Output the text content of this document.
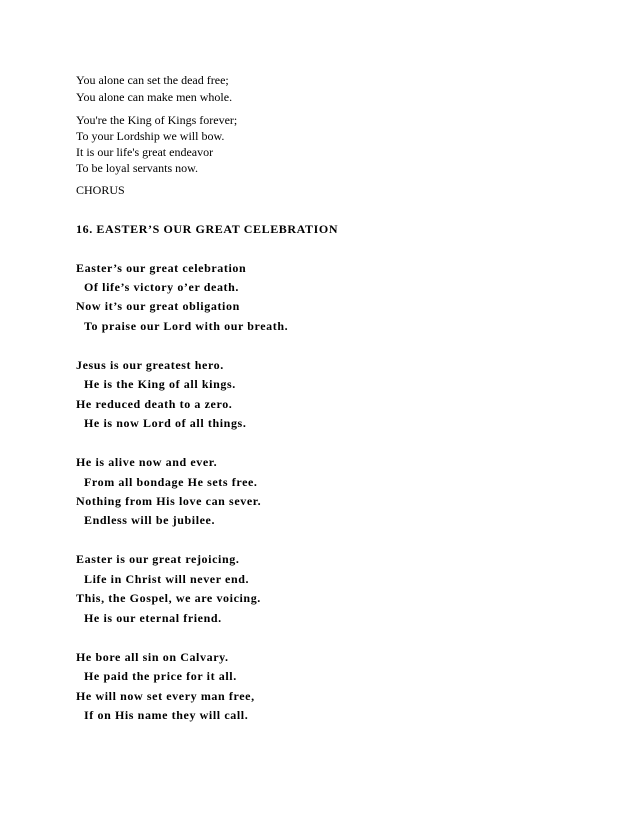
You alone can set the dead free;

You alone can make men whole.

You're the King of Kings forever;

To your Lordship we will bow.

It is our life's great endeavor

To be loyal servants now.

CHORUS

16. EASTER’S OUR GREAT CELEBRATION

Easter’s our great celebration

Of life’s victory o’er death.

Now it’s our great obligation

To praise our Lord with our breath.

Jesus is our greatest hero.

He is the King of all kings.

He reduced death to a zero.

He is now Lord of all things.

He is alive now and ever.

From all bondage He sets free.

Nothing from His love can sever.

Endless will be jubilee.

Easter is our great rejoicing.

Life in Christ will never end.

This, the Gospel, we are voicing.

He is our eternal friend.

He bore all sin on Calvary.

He paid the price for it all.

He will now set every man free,

If on His name they will call.
